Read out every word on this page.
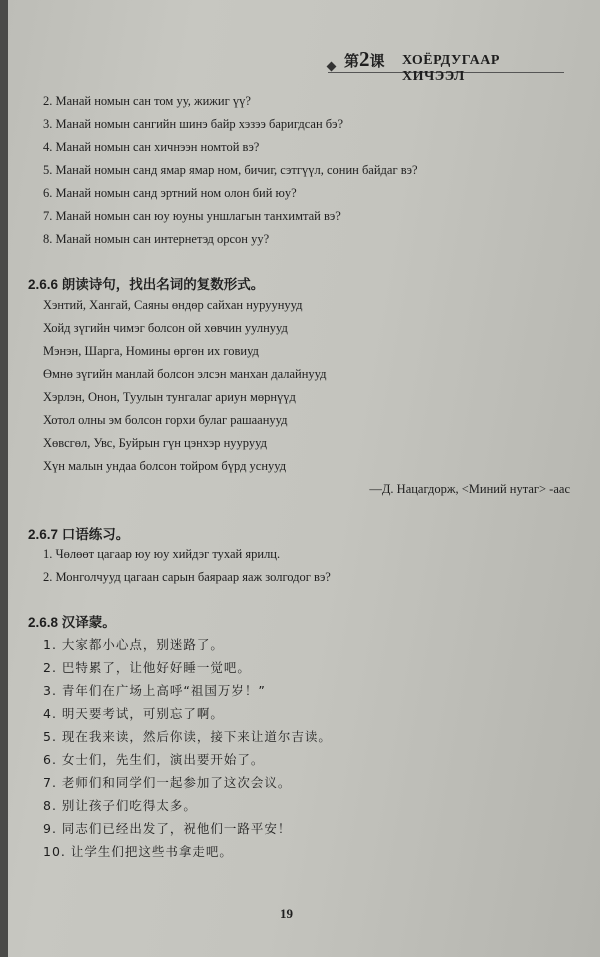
第2课 ХОЁРДУГААР ХИЧЭЭЛ
2. Манай номын сан том уу, жижиг үү?
3. Манай номын сангийн шинэ байр хэзээ баригдсан бэ?
4. Манай номын сан хичнээн номтой вэ?
5. Манай номын санд ямар ямар ном, бичиг, сэтгүүл, сонин байдаг вэ?
6. Манай номын санд эртний ном олон бий юу?
7. Манай номын сан юу юуны уншлагын танхимтай вэ?
8. Манай номын сан интернетэд орсон уу?
2.6.6 朗读诗句，找出名词的复数形式。
Хэнтий, Хангай, Саяны өндөр сайхан нуруунууд
Хойд зүгийн чимэг болсон ой хөвчин уулнууд
Мэнэн, Шарга, Номины өргөн их говиуд
Өмнө зүгийн манлай болсон элсэн манхан далайнууд
Хэрлэн, Онон, Туулын тунгалаг ариун мөрнүүд
Хотол олны эм болсон горхи булаг рашаанууд
Хөвсгөл, Увс, Буйрын гүн цэнхэр нуурууд
Хүн малын ундаа болсон тойром бүрд уснууд
—Д. Нацагдорж, <Миний нутаг> -аас
2.6.7 口语练习。
1. Чөлөөт цагаар юу юу хийдэг тухай ярилц.
2. Монголчууд цагаан сарын баяраар яаж золгодог вэ?
2.6.8 汉译蒙。
1. 大家都小心点，别迷路了。
2. 巴特累了，让他好好睡一觉吧。
3. 青年们在广场上高呼“祖国万岁！”
4. 明天要考试，可别忘了啊。
5. 现在我来读，然后你读，接下来让道尔吉读。
6. 女士们，先生们，演出要开始了。
7. 老师们和同学们一起参加了这次会议。
8. 别让孩子们吃得太多。
9. 同志们已经出发了，祝他们一路平安！
10. 让学生们把这些书拿走吧。
19
